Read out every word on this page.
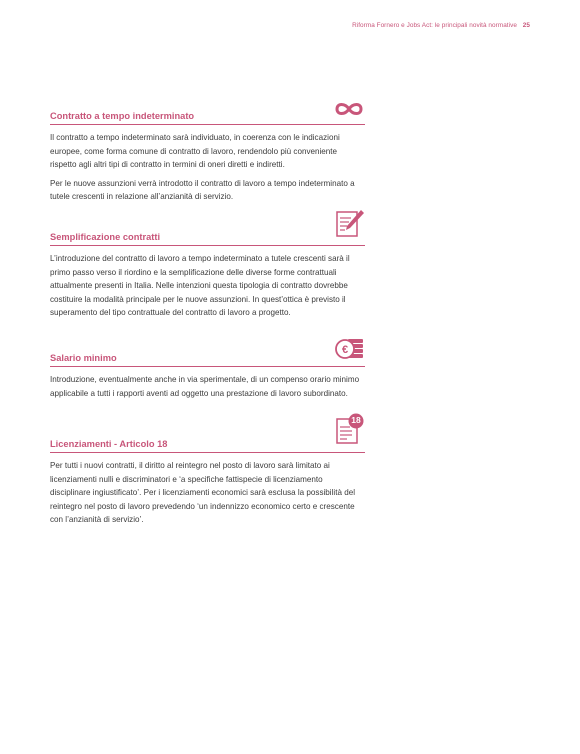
Riforma Fornero e Jobs Act: le principali novità normative 25
Contratto a tempo indeterminato

Il contratto a tempo indeterminato sarà individuato, in coerenza con le indicazioni europee, come forma comune di contratto di lavoro, rendendolo più conveniente rispetto agli altri tipi di contratto in termini di oneri diretti e indiretti.

Per le nuove assunzioni verrà introdotto il contratto di lavoro a tempo indeterminato a tutele crescenti in relazione all’anzianità di servizio.

Semplificazione contratti

L’introduzione del contratto di lavoro a tempo indeterminato a tutele crescenti sarà il primo passo verso il riordino e la semplificazione delle diverse forme contrattuali attualmente presenti in Italia. Nelle intenzioni questa tipologia di contratto dovrebbe costituire la modalità principale per le nuove assunzioni. In quest’ottica è previsto il superamento del tipo contrattuale del contratto di lavoro a progetto.

Salario minimo
€

Introduzione, eventualmente anche in via sperimentale, di un compenso orario minimo applicabile a tutti i rapporti aventi ad oggetto una prestazione di lavoro subordinato.

Licenziamenti - Articolo 18
18

Per tutti i nuovi contratti, il diritto al reintegro nel posto di lavoro sarà limitato ai licenziamenti nulli e discriminatori e ‘a specifiche fattispecie di licenziamento disciplinare ingiustificato’. Per i licenziamenti economici sarà esclusa la possibilità del reintegro nel posto di lavoro prevedendo ‘un indennizzo economico certo e crescente con l’anzianità di servizio’.
